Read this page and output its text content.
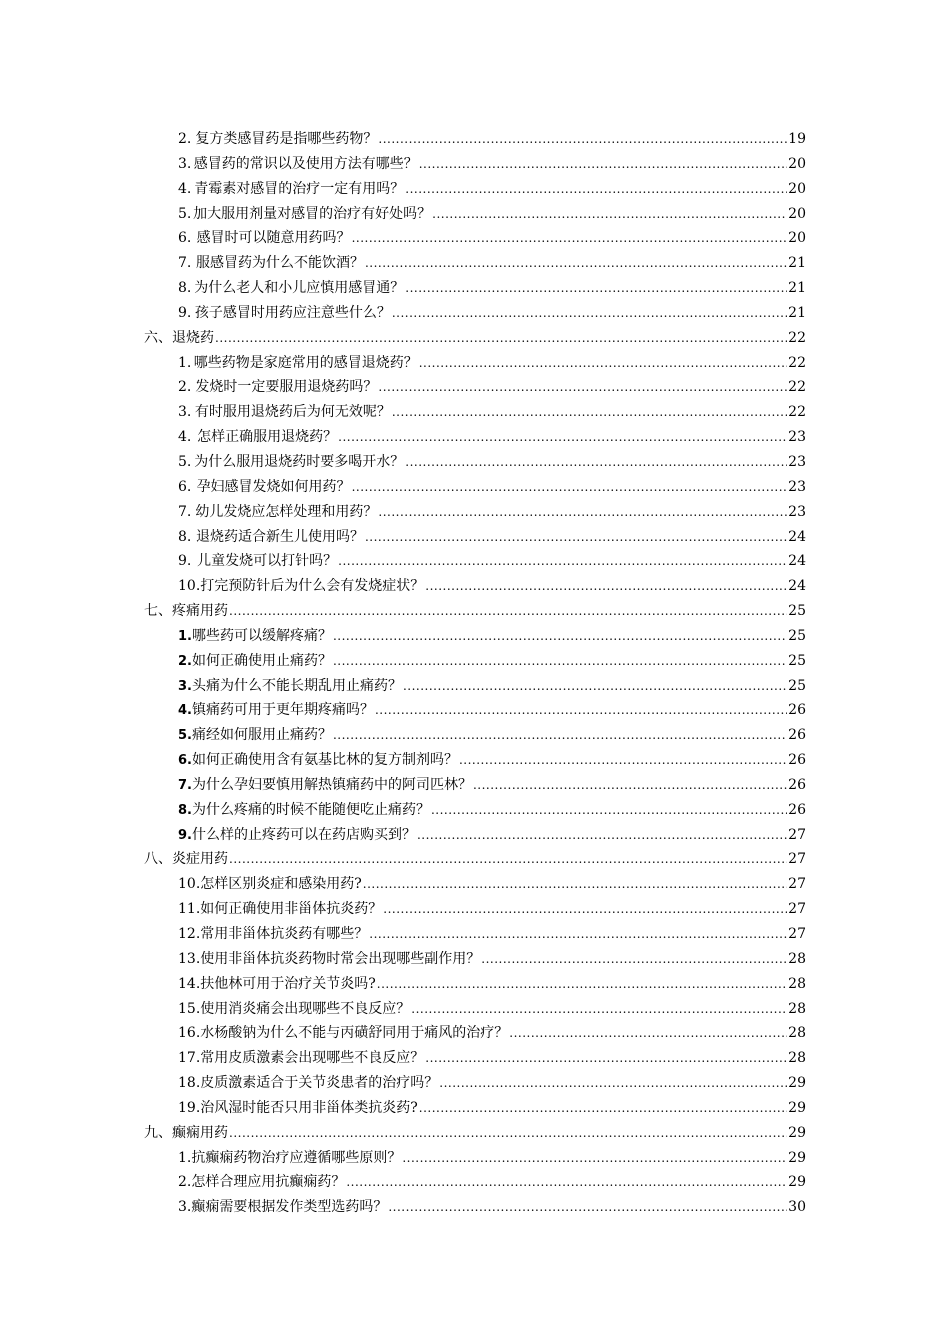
2. 复方类感冒药是指哪些药物？ .....	19
3. 感冒药的常识以及使用方法有哪些？ .....	20
4. 青霉素对感冒的治疗一定有用吗？ .....	20
5. 加大服用剂量对感冒的治疗有好处吗？ .....	20
6. 感冒时可以随意用药吗？ .....	20
7. 服感冒药为什么不能饮酒？ .....	21
8. 为什么老人和小儿应慎用感冒通？ .....	21
9. 孩子感冒时用药应注意些什么？ .....	21
六、退烧药 .....	22
1. 哪些药物是家庭常用的感冒退烧药？ .....	22
2. 发烧时一定要服用退烧药吗？ .....	22
3. 有时服用退烧药后为何无效呢？ .....	22
4. 怎样正确服用退烧药？ .....	23
5. 为什么服用退烧药时要多喝开水？ .....	23
6. 孕妇感冒发烧如何用药？ .....	23
7. 幼儿发烧应怎样处理和用药？ .....	23
8. 退烧药适合新生儿使用吗？ .....	24
9. 儿童发烧可以打针吗？ .....	24
10. 打完预防针后为什么会有发烧症状？ .....	24
七、疼痛用药 .....	25
1. 哪些药可以缓解疼痛？ .....	25
2. 如何正确使用止痛药？ .....	25
3. 头痛为什么不能长期乱用止痛药？ .....	25
4. 镇痛药可用于更年期疼痛吗？ .....	26
5. 痛经如何服用止痛药？ .....	26
6. 如何正确使用含有氨基比林的复方制剂吗？ .....	26
7. 为什么孕妇要慎用解热镇痛药中的阿司匹林？ .....	26
8. 为什么疼痛的时候不能随便吃止痛药？ .....	26
9. 什么样的止疼药可以在药店购买到？ .....	27
八、炎症用药 .....	27
10. 怎样区别炎症和感染用药? .....	27
11. 如何正确使用非甾体抗炎药？ .....	27
12. 常用非甾体抗炎药有哪些？ .....	27
13. 使用非甾体抗炎药物时常会出现哪些副作用？ .....	28
14. 扶他林可用于治疗关节炎吗? .....	28
15. 使用消炎痛会出现哪些不良反应？ .....	28
16. 水杨酸钠为什么不能与丙磺舒同用于痛风的治疗？ .....	28
17. 常用皮质激素会出现哪些不良反应？ .....	28
18. 皮质激素适合于关节炎患者的治疗吗？ .....	29
19. 治风湿时能否只用非甾体类抗炎药? .....	29
九、癫痫用药 .....	29
1. 抗癫痫药物治疗应遵循哪些原则？ .....	29
2. 怎样合理应用抗癫痫药？ .....	29
3. 癫痫需要根据发作类型选药吗？ .....	30
